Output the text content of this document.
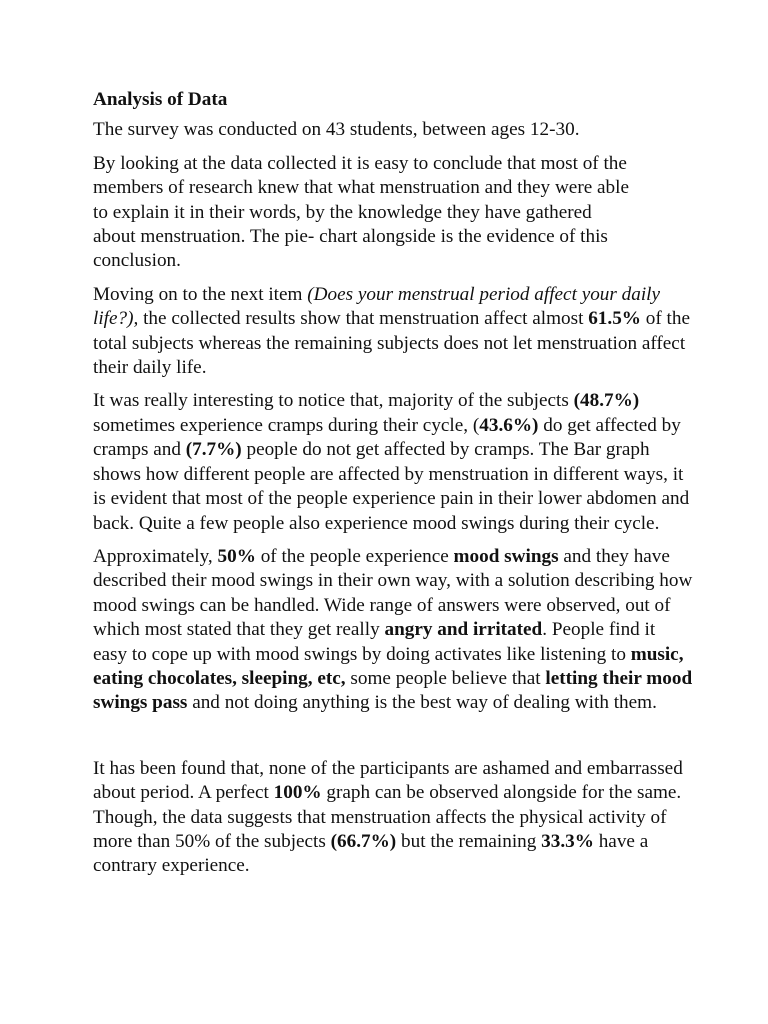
Analysis of Data

The survey was conducted on 43 students, between ages 12-30.

By looking at the data collected it is easy to conclude that most of the
members of research knew that what menstruation and they were able
to explain it in their words, by the knowledge they have gathered
about menstruation. The pie- chart alongside is the evidence of this
conclusion.

Moving on to the next item (Does your menstrual period affect your daily life?), the collected results show that menstruation affect almost 61.5% of the total subjects whereas the remaining subjects does not let menstruation affect their daily life.

It was really interesting to notice that, majority of the subjects (48.7%) sometimes experience cramps during their cycle, (43.6%) do get affected by cramps and (7.7%) people do not get affected by cramps. The Bar graph shows how different people are affected by menstruation in different ways, it is evident that most of the people experience pain in their lower abdomen and back. Quite a few people also experience mood swings during their cycle.

Approximately, 50% of the people experience mood swings and they have described their mood swings in their own way, with a solution describing how mood swings can be handled. Wide range of answers were observed, out of which most stated that they get really angry and irritated. People find it easy to cope up with mood swings by doing activates like listening to music, eating chocolates, sleeping, etc, some people believe that letting their mood swings pass and not doing anything is the best way of dealing with them.

It has been found that, none of the participants are ashamed and embarrassed about period. A perfect 100% graph can be observed alongside for the same. Though, the data suggests that menstruation affects the physical activity of more than 50% of the subjects (66.7%) but the remaining 33.3% have a contrary experience.
